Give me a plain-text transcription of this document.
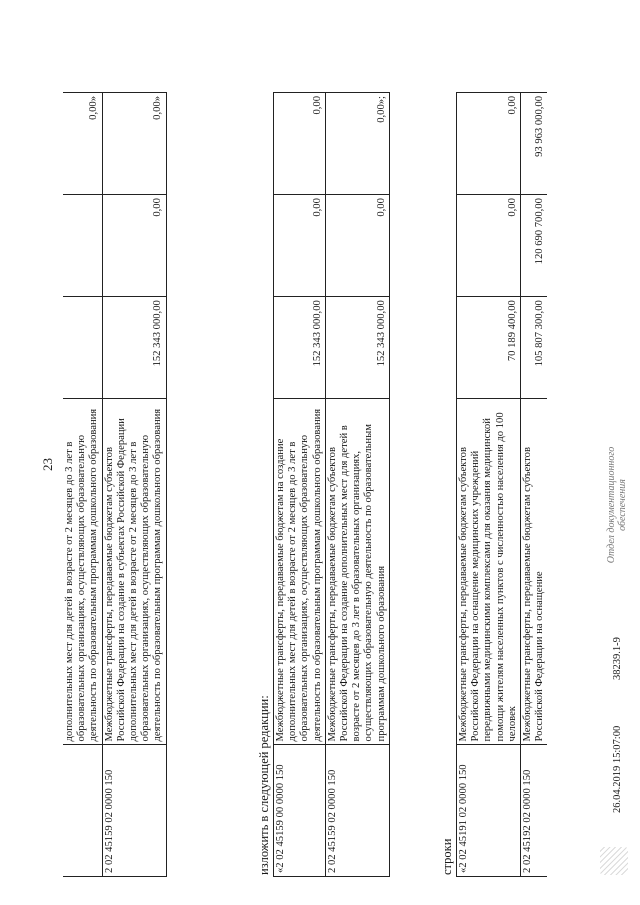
23
	дополнительных мест для детей в возрасте от 2 месяцев до 3 лет в образовательных организациях, осуществляющих образовательную деятельность по образовательным программам дошкольного образования			0,00»
2 02 45159 02 0000 150	Межбюджетные трансферты, передаваемые бюджетам субъектов Российской Федерации на создание в субъектах Российской Федерации дополнительных мест для детей в возрасте от 2 месяцев до 3 лет в образовательных организациях, осуществляющих образовательную деятельность по образовательным программам дошкольного образования	152 343 000,00	0,00	0,00»
изложить в следующей редакции: «2 02 45159 00 0000 150	Межбюджетные трансферты, передаваемые бюджетам на создание дополнительных мест для детей в возрасте от 2 месяцев до 3 лет в образовательных организациях, осуществляющих образовательную деятельность по образовательным программам дошкольного образования	152 343 000,00	0,00	0,00
2 02 45159 02 0000 150	Межбюджетные трансферты, передаваемые бюджетам субъектов Российской Федерации на создание дополнительных мест для детей в возрасте от 2 месяцев до 3 лет в образовательных организациях, осуществляющих образовательную деятельность по образовательным программам дошкольного образования	152 343 000,00	0,00	0,00»;
строки «2 02 45191 02 0000 150	Межбюджетные трансферты, передаваемые бюджетам субъектов Российской Федерации на оснащение медицинских учреждений передвижными медицинскими комплексами для оказания медицинской помощи жителям населенных пунктов с численностью населения до 100 человек	70 189 400,00	0,00	0,00
2 02 45192 02 0000 150	Межбюджетные трансферты, передаваемые бюджетам субъектов Российской Федерации на оснащение	105 807 300,00	120 690 700,00	93 963 000,00
26.04.2019 15:07:00
38239.1-9
Отдел документационного обеспечения
